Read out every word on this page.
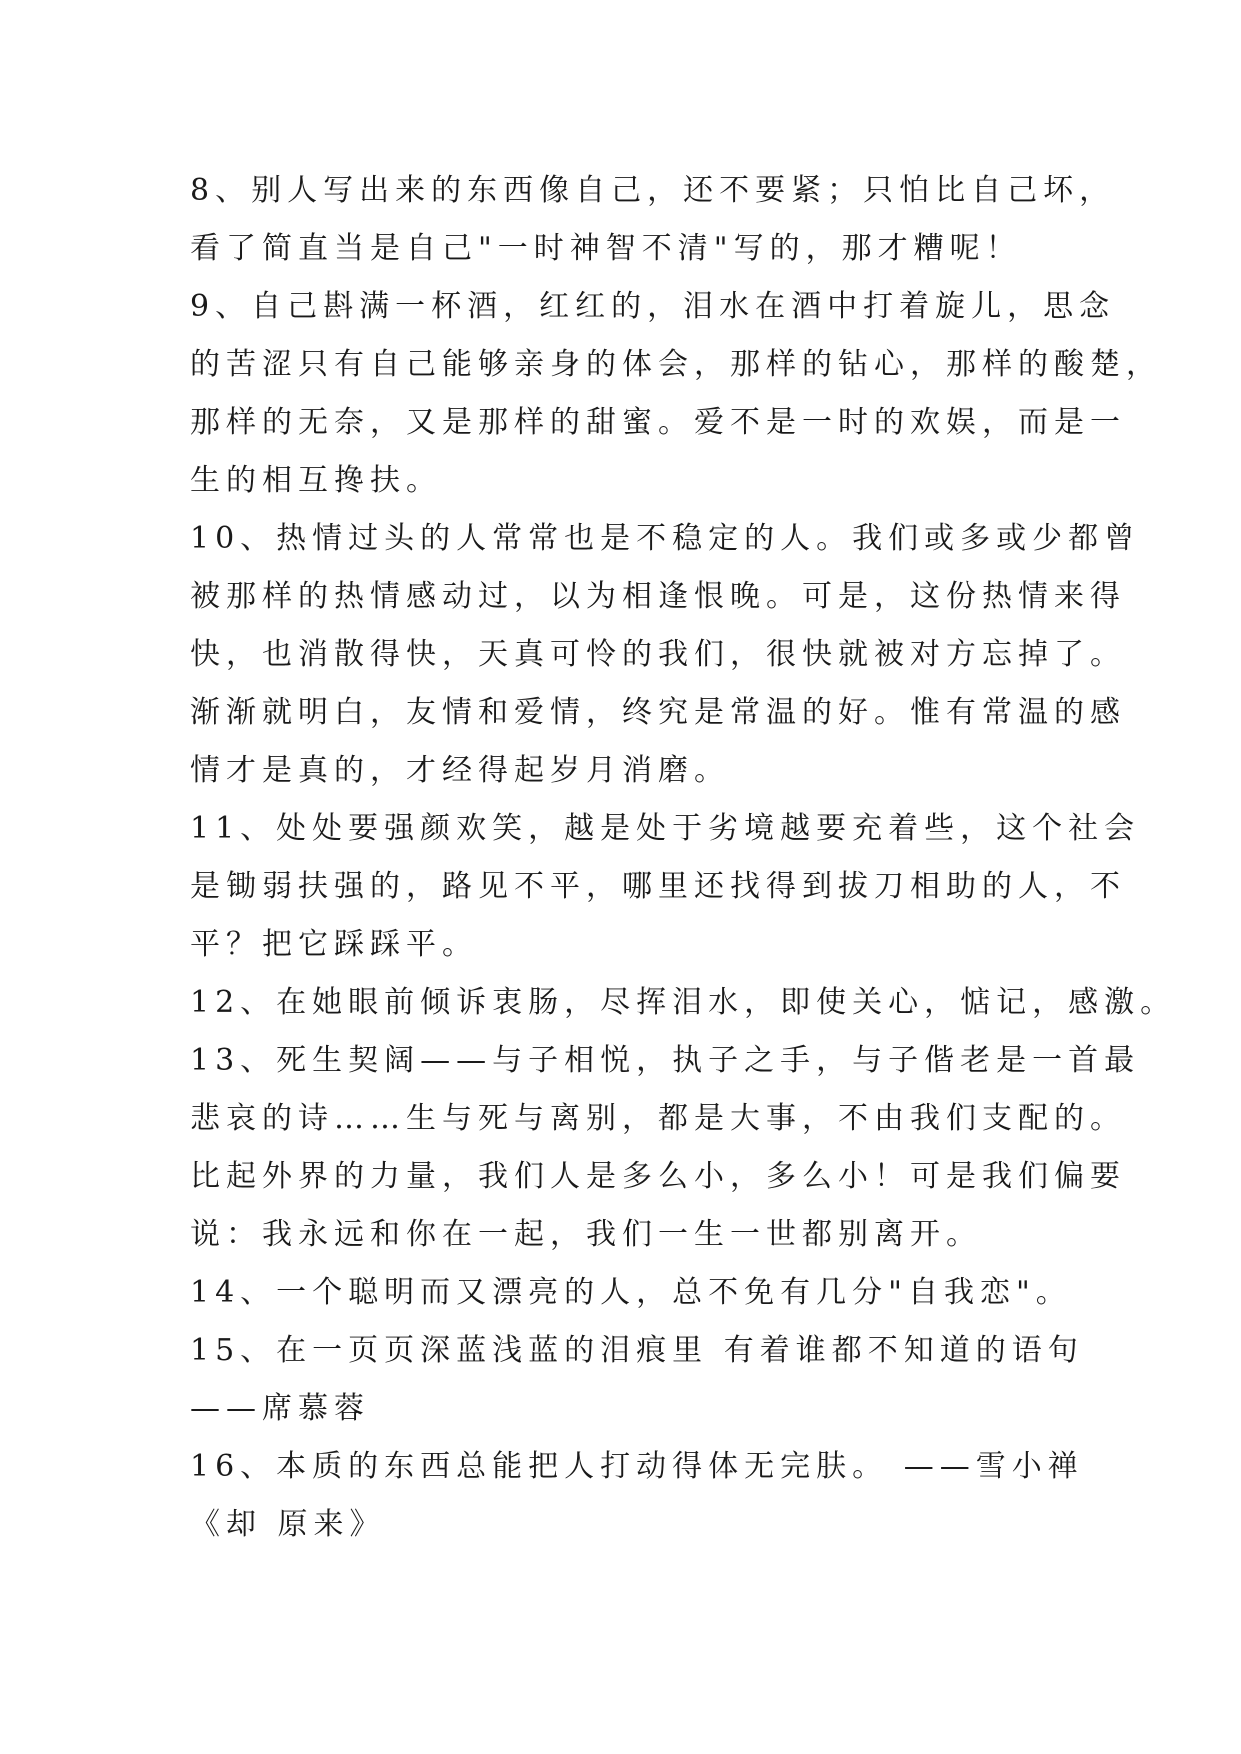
8、别人写出来的东西像自己，还不要紧；只怕比自己坏，
看了简直当是自己"一时神智不清"写的，那才糟呢！
9、自己斟满一杯酒，红红的，泪水在酒中打着旋儿，思念
的苦涩只有自己能够亲身的体会，那样的钻心，那样的酸楚，
那样的无奈，又是那样的甜蜜。爱不是一时的欢娱，而是一
生的相互搀扶。
10、热情过头的人常常也是不稳定的人。我们或多或少都曾
被那样的热情感动过，以为相逢恨晚。可是，这份热情来得
快，也消散得快，天真可怜的我们，很快就被对方忘掉了。
渐渐就明白，友情和爱情，终究是常温的好。惟有常温的感
情才是真的，才经得起岁月消磨。
11、处处要强颜欢笑，越是处于劣境越要充着些，这个社会
是锄弱扶强的，路见不平，哪里还找得到拔刀相助的人，不
平？把它踩踩平。
12、在她眼前倾诉衷肠，尽挥泪水，即使关心，惦记，感激。
13、死生契阔——与子相悦，执子之手，与子偕老是一首最
悲哀的诗……生与死与离别，都是大事，不由我们支配的。
比起外界的力量，我们人是多么小，多么小！可是我们偏要
说：我永远和你在一起，我们一生一世都别离开。
14、一个聪明而又漂亮的人，总不免有几分"自我恋"。
15、在一页页深蓝浅蓝的泪痕里 有着谁都不知道的语句
——席慕蓉
16、本质的东西总能把人打动得体无完肤。 ——雪小禅
《却 原来》
